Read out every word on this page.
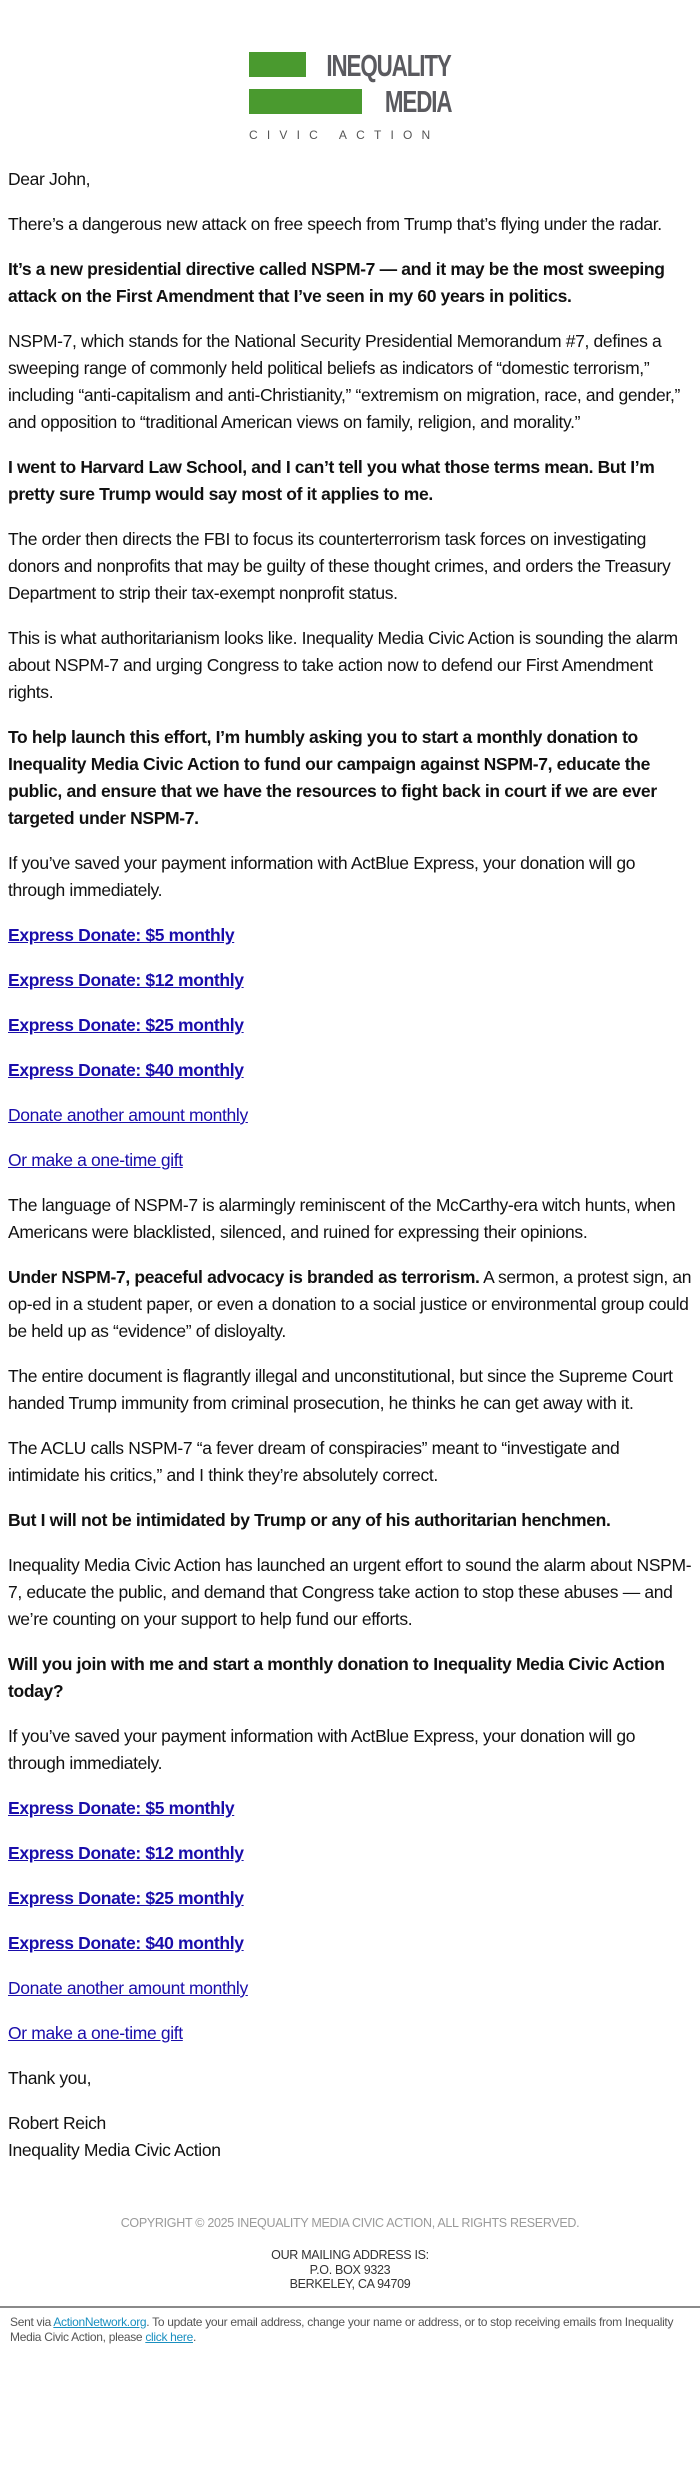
INEQUALITY
MEDIA
CIVIC ACTION

Dear John,

There’s a dangerous new attack on free speech from Trump that’s flying under the radar.

It’s a new presidential directive called NSPM-7 — and it may be the most sweeping attack on the First Amendment that I’ve seen in my 60 years in politics.

NSPM-7, which stands for the National Security Presidential Memorandum #7, defines a sweeping range of commonly held political beliefs as indicators of “domestic terrorism,” including “anti-capitalism and anti-Christianity,” “extremism on migration, race, and gender,” and opposition to “traditional American views on family, religion, and morality.”

I went to Harvard Law School, and I can’t tell you what those terms mean. But I’m pretty sure Trump would say most of it applies to me.

The order then directs the FBI to focus its counterterrorism task forces on investigating donors and nonprofits that may be guilty of these thought crimes, and orders the Treasury Department to strip their tax-exempt nonprofit status.

This is what authoritarianism looks like. Inequality Media Civic Action is sounding the alarm about NSPM-7 and urging Congress to take action now to defend our First Amendment rights.

To help launch this effort, I’m humbly asking you to start a monthly donation to Inequality Media Civic Action to fund our campaign against NSPM-7, educate the public, and ensure that we have the resources to fight back in court if we are ever targeted under NSPM-7.

If you’ve saved your payment information with ActBlue Express, your donation will go through immediately.

Express Donate: $5 monthly

Express Donate: $12 monthly

Express Donate: $25 monthly

Express Donate: $40 monthly

Donate another amount monthly

Or make a one-time gift

The language of NSPM-7 is alarmingly reminiscent of the McCarthy-era witch hunts, when Americans were blacklisted, silenced, and ruined for expressing their opinions.

Under NSPM-7, peaceful advocacy is branded as terrorism. A sermon, a protest sign, an op-ed in a student paper, or even a donation to a social justice or environmental group could be held up as “evidence” of disloyalty.

The entire document is flagrantly illegal and unconstitutional, but since the Supreme Court handed Trump immunity from criminal prosecution, he thinks he can get away with it.

The ACLU calls NSPM-7 “a fever dream of conspiracies” meant to “investigate and intimidate his critics,” and I think they’re absolutely correct.

But I will not be intimidated by Trump or any of his authoritarian henchmen.

Inequality Media Civic Action has launched an urgent effort to sound the alarm about NSPM-7, educate the public, and demand that Congress take action to stop these abuses — and we’re counting on your support to help fund our efforts.

Will you join with me and start a monthly donation to Inequality Media Civic Action today?

If you’ve saved your payment information with ActBlue Express, your donation will go through immediately.

Express Donate: $5 monthly

Express Donate: $12 monthly

Express Donate: $25 monthly

Express Donate: $40 monthly

Donate another amount monthly

Or make a one-time gift

Thank you,

Robert Reich
Inequality Media Civic Action

COPYRIGHT © 2025 INEQUALITY MEDIA CIVIC ACTION, ALL RIGHTS RESERVED.
OUR MAILING ADDRESS IS:
P.O. BOX 9323
BERKELEY, CA 94709
Sent via ActionNetwork.org. To update your email address, change your name or address, or to stop receiving emails from Inequality Media Civic Action, please click here.
